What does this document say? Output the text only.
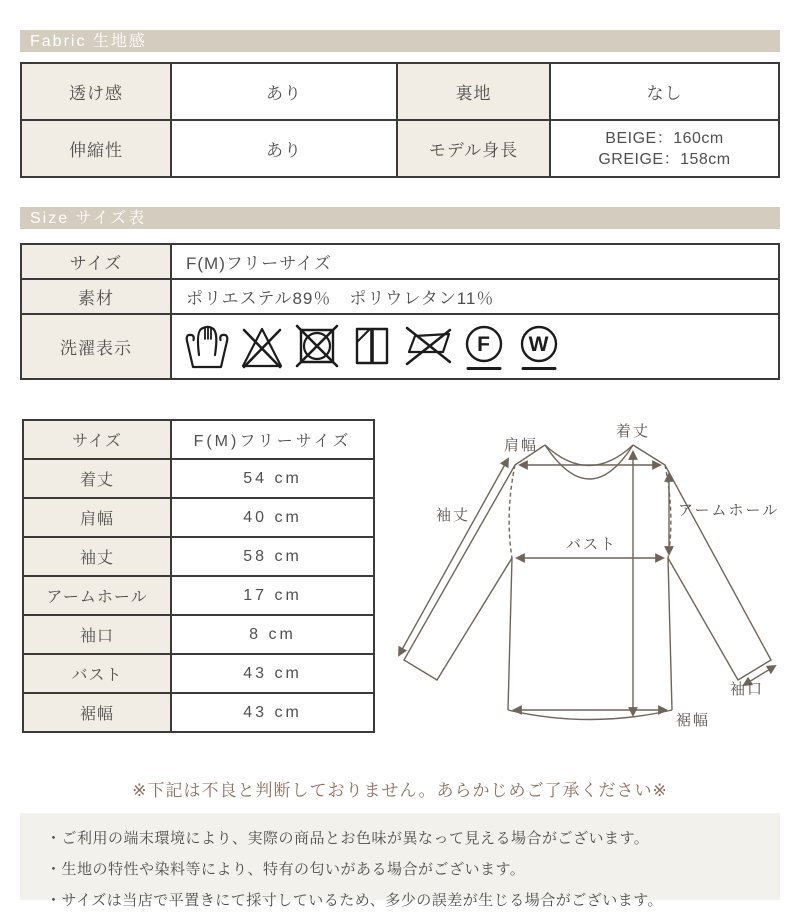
Fabric 生地感
透け感	あり	裏地	なし
伸縮性	あり	モデル身長	BEIGE：160cm
GREIGE：158cm
Size サイズ表
サイズ	F(M)フリーサイズ
素材	ポリエステル89％　ポリウレタン11％
洗濯表示	F W
サイズ	F(M)フリーサイズ
着丈	54 cm
肩幅	40 cm
袖丈	58 cm
アームホール	17 cm
袖口	8 cm
バスト	43 cm
裾幅	43 cm
着丈
肩幅
袖丈	アームホール
バスト
袖口
裾幅
※下記は不良と判断しておりません。あらかじめご了承ください※
・ご利用の端末環境により、実際の商品とお色味が異なって見える場合がございます。
・生地の特性や染料等により、特有の匂いがある場合がございます。
・サイズは当店で平置きにて採寸しているため、多少の誤差が生じる場合がございます。
